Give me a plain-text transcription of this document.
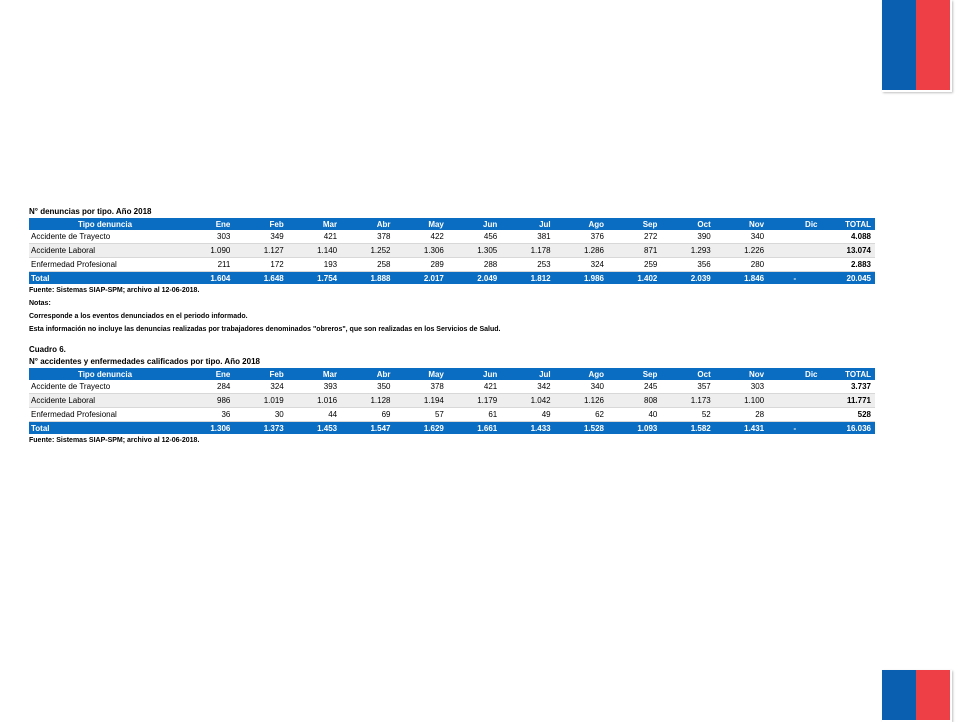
N° denuncias por tipo. Año 2018
Tipo denuncia	Ene	Feb	Mar	Abr	May	Jun	Jul	Ago	Sep	Oct	Nov	Dic	TOTAL
Accidente de Trayecto	303	349	421	378	422	456	381	376	272	390	340		4.088
Accidente Laboral	1.090	1.127	1.140	1.252	1.306	1.305	1.178	1.286	871	1.293	1.226		13.074
Enfermedad Profesional	211	172	193	258	289	288	253	324	259	356	280		2.883
Total	1.604	1.648	1.754	1.888	2.017	2.049	1.812	1.986	1.402	2.039	1.846	-	20.045
Fuente: Sistemas SIAP-SPM; archivo al 12-06-2018.
Notas:
Corresponde a los eventos denunciados en el periodo informado.
Esta información no incluye las denuncias realizadas por trabajadores denominados "obreros", que son realizadas en los Servicios de Salud.
Cuadro 6.
N° accidentes y enfermedades calificados por tipo. Año 2018
Tipo denuncia	Ene	Feb	Mar	Abr	May	Jun	Jul	Ago	Sep	Oct	Nov	Dic	TOTAL
Accidente de Trayecto	284	324	393	350	378	421	342	340	245	357	303		3.737
Accidente Laboral	986	1.019	1.016	1.128	1.194	1.179	1.042	1.126	808	1.173	1.100		11.771
Enfermedad Profesional	36	30	44	69	57	61	49	62	40	52	28		528
Total	1.306	1.373	1.453	1.547	1.629	1.661	1.433	1.528	1.093	1.582	1.431	-	16.036
Fuente: Sistemas SIAP-SPM; archivo al 12-06-2018.
